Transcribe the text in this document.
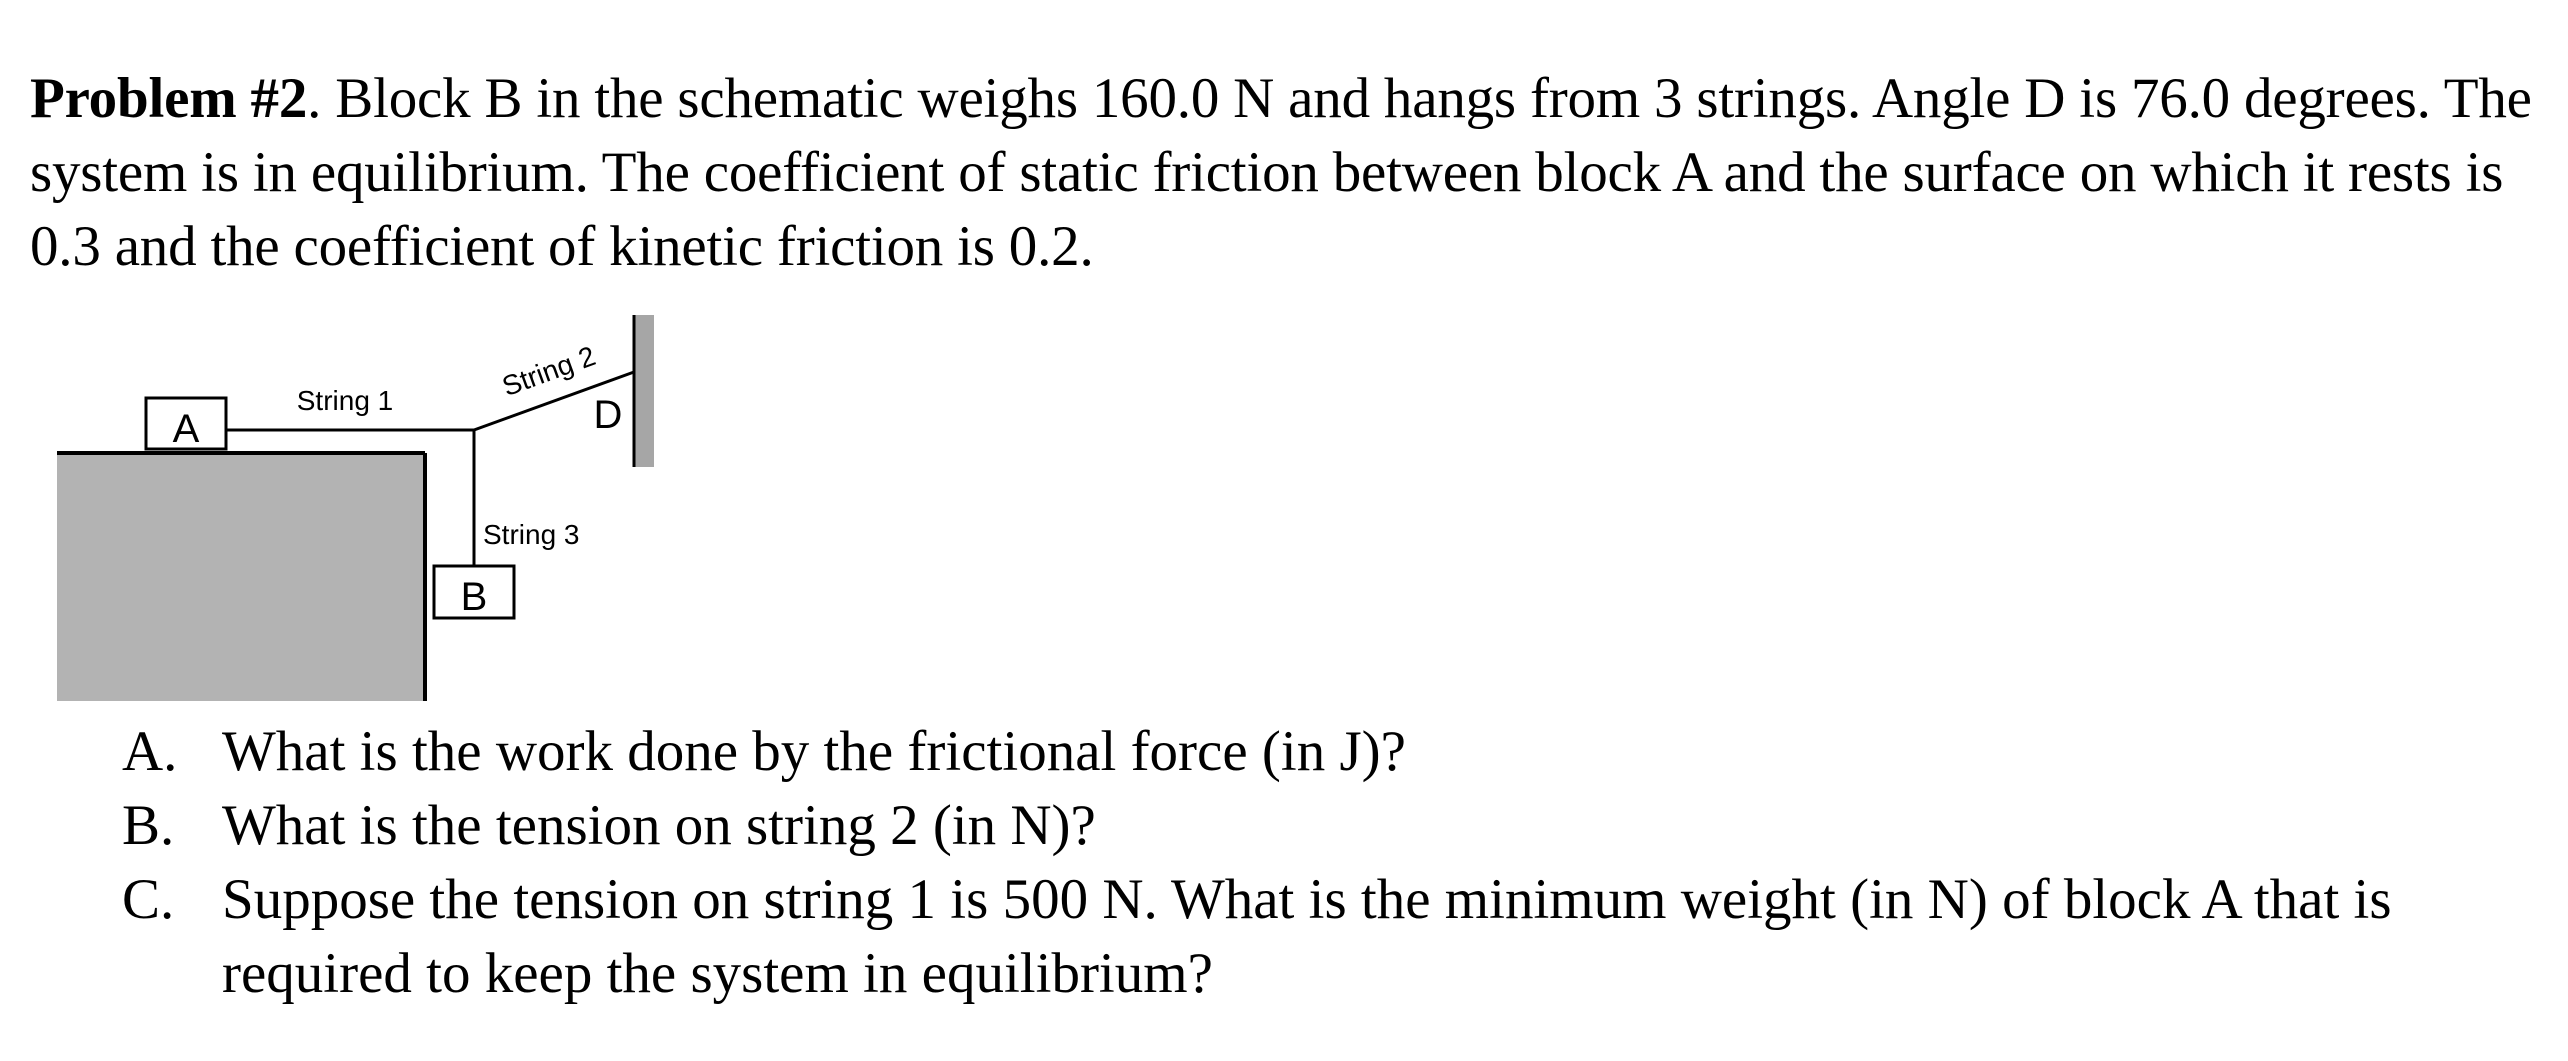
Problem #2. Block B in the schematic weighs 160.0 N and hangs from 3 strings. Angle D is 76.0 degrees. The system is in equilibrium. The coefficient of static friction between block A and the surface on which it rests is 0.3 and the coefficient of kinetic friction is 0.2.
A
String 1	String 2
D
String 3
B
A. What is the work done by the frictional force (in J)?
B. What is the tension on string 2 (in N)?
C. Suppose the tension on string 1 is 500 N. What is the minimum weight (in N) of block A that is required to keep the system in equilibrium?
